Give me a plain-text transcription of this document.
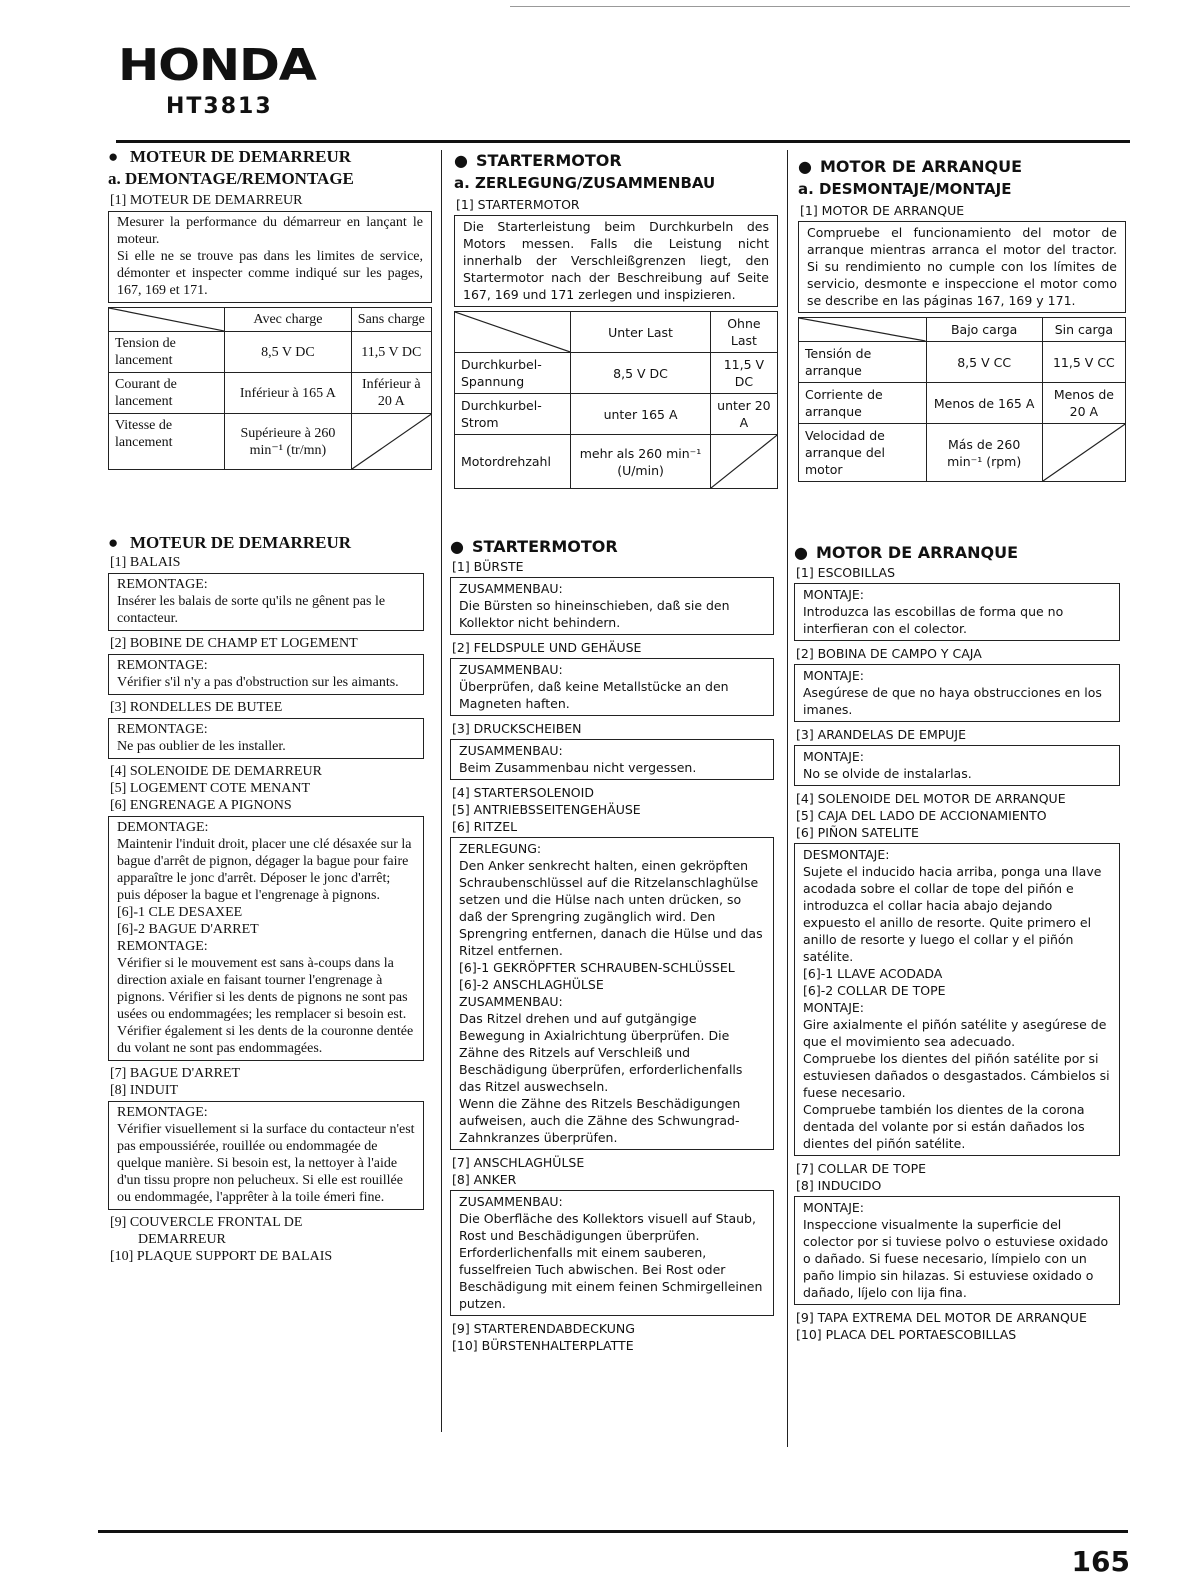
HONDA
HT3813

● MOTEUR DE DEMARREUR

a. DEMONTAGE/REMONTAGE

[1] MOTEUR DE DEMARREUR

Mesurer la performance du démarreur en lançant le moteur.
Si elle ne se trouve pas dans les limites de service, démonter et inspecter comme indiqué sur les pages, 167, 169 et 171.
	Avec charge	Sans charge
Tension de lancement	8,5 V DC	11,5 V DC
Courant de lancement	Inférieur à 165 A	Inférieur à 20 A
Vitesse de lancement	Supérieure à 260 min⁻¹ (tr/mn)	

● MOTEUR DE DEMARREUR

[1] BALAIS

REMONTAGE:

Insérer les balais de sorte qu'ils ne gênent pas le contacteur.

[2] BOBINE DE CHAMP ET LOGEMENT

REMONTAGE:

Vérifier s'il n'y a pas d'obstruction sur les aimants.

[3] RONDELLES DE BUTEE

REMONTAGE:

Ne pas oublier de les installer.

[4] SOLENOIDE DE DEMARREUR

[5] LOGEMENT COTE MENANT

[6] ENGRENAGE A PIGNONS

DEMONTAGE:

Maintenir l'induit droit, placer une clé désaxée sur la bague d'arrêt de pignon, dégager la bague pour faire apparaître le jonc d'arrêt. Déposer le jonc d'arrêt; puis déposer la bague et l'engrenage à pignons.

[6]-1 CLE DESAXEE

[6]-2 BAGUE D'ARRET

REMONTAGE:

Vérifier si le mouvement est sans à-coups dans la direction axiale en faisant tourner l'engrenage à pignons. Vérifier si les dents de pignons ne sont pas usées ou endommagées; les remplacer si besoin est.
Vérifier également si les dents de la couronne dentée du volant ne sont pas endommagées.

[7] BAGUE D'ARRET

[8] INDUIT

REMONTAGE:

Vérifier visuellement si la surface du contacteur n'est pas empoussiérée, rouillée ou endommagée de quelque manière. Si besoin est, la nettoyer à l'aide d'un tissu propre non pelucheux. Si elle est rouillée ou endommagée, l'apprêter à la toile émeri fine.

[9] COUVERCLE FRONTAL DE

DEMARREUR

[10] PLAQUE SUPPORT DE BALAIS

● STARTERMOTOR

a. ZERLEGUNG/ZUSAMMENBAU

[1] STARTERMOTOR

Die Starterleistung beim Durchkurbeln des Motors messen. Falls die Leistung nicht innerhalb der Verschleißgrenzen liegt, den Startermotor nach der Beschreibung auf Seite 167, 169 und 171 zerlegen und inspizieren.
	Unter Last	Ohne Last
Durchkurbel-Spannung	8,5 V DC	11,5 V DC
Durchkurbel-Strom	unter 165 A	unter 20 A
Motordrehzahl	mehr als 260 min⁻¹ (U/min)	

● STARTERMOTOR

[1] BÜRSTE

ZUSAMMENBAU:

Die Bürsten so hineinschieben, daß sie den Kollektor nicht behindern.

[2] FELDSPULE UND GEHÄUSE

ZUSAMMENBAU:

Überprüfen, daß keine Metallstücke an den Magneten haften.

[3] DRUCKSCHEIBEN

ZUSAMMENBAU:

Beim Zusammenbau nicht vergessen.

[4] STARTERSOLENOID

[5] ANTRIEBSSEITENGEHÄUSE

[6] RITZEL

ZERLEGUNG:

Den Anker senkrecht halten, einen gekröpften Schraubenschlüssel auf die Ritzelanschlaghülse setzen und die Hülse nach unten drücken, so daß der Sprengring zugänglich wird. Den Sprengring entfernen, danach die Hülse und das Ritzel entfernen.

[6]-1 GEKRÖPFTER SCHRAUBEN-SCHLÜSSEL

[6]-2 ANSCHLAGHÜLSE

ZUSAMMENBAU:

Das Ritzel drehen und auf gutgängige Bewegung in Axialrichtung überprüfen. Die Zähne des Ritzels auf Verschleiß und Beschädigung überprüfen, erforderlichenfalls das Ritzel auswechseln.
Wenn die Zähne des Ritzels Beschädigungen aufweisen, auch die Zähne des Schwungrad-Zahnkranzes überprüfen.

[7] ANSCHLAGHÜLSE

[8] ANKER

ZUSAMMENBAU:

Die Oberfläche des Kollektors visuell auf Staub, Rost und Beschädigungen überprüfen. Erforderlichenfalls mit einem sauberen, fusselfreien Tuch abwischen. Bei Rost oder Beschädigung mit einem feinen Schmirgelleinen putzen.

[9] STARTERENDABDECKUNG

[10] BÜRSTENHALTERPLATTE

● MOTOR DE ARRANQUE

a. DESMONTAJE/MONTAJE

[1] MOTOR DE ARRANQUE

Compruebe el funcionamiento del motor de arranque mientras arranca el motor del tractor. Si su rendimiento no cumple con los límites de servicio, desmonte e inspeccione el motor como se describe en las páginas 167, 169 y 171.
	Bajo carga	Sin carga
Tensión de arranque	8,5 V CC	11,5 V CC
Corriente de arranque	Menos de 165 A	Menos de 20 A
Velocidad de arranque del motor	Más de 260 min⁻¹ (rpm)	

● MOTOR DE ARRANQUE

[1] ESCOBILLAS

MONTAJE:

Introduzca las escobillas de forma que no interfieran con el colector.

[2] BOBINA DE CAMPO Y CAJA

MONTAJE:

Asegúrese de que no haya obstrucciones en los imanes.

[3] ARANDELAS DE EMPUJE

MONTAJE:

No se olvide de instalarlas.

[4] SOLENOIDE DEL MOTOR DE ARRANQUE

[5] CAJA DEL LADO DE ACCIONAMIENTO

[6] PIÑON SATELITE

DESMONTAJE:

Sujete el inducido hacia arriba, ponga una llave acodada sobre el collar de tope del piñón e introduzca el collar hacia abajo dejando expuesto el anillo de resorte. Quite primero el anillo de resorte y luego el collar y el piñón satélite.

[6]-1 LLAVE ACODADA

[6]-2 COLLAR DE TOPE

MONTAJE:

Gire axialmente el piñón satélite y asegúrese de que el movimiento sea adecuado.
Compruebe los dientes del piñón satélite por si estuviesen dañados o desgastados. Cámbielos si fuese necesario.
Compruebe también los dientes de la corona dentada del volante por si están dañados los dientes del piñón satélite.

[7] COLLAR DE TOPE

[8] INDUCIDO

MONTAJE:

Inspeccione visualmente la superficie del colector por si tuviese polvo o estuviese oxidado o dañado. Si fuese necesario, límpielo con un paño limpio sin hilazas. Si estuviese oxidado o dañado, líjelo con lija fina.

[9] TAPA EXTREMA DEL MOTOR DE ARRANQUE

[10] PLACA DEL PORTAESCOBILLAS

165
